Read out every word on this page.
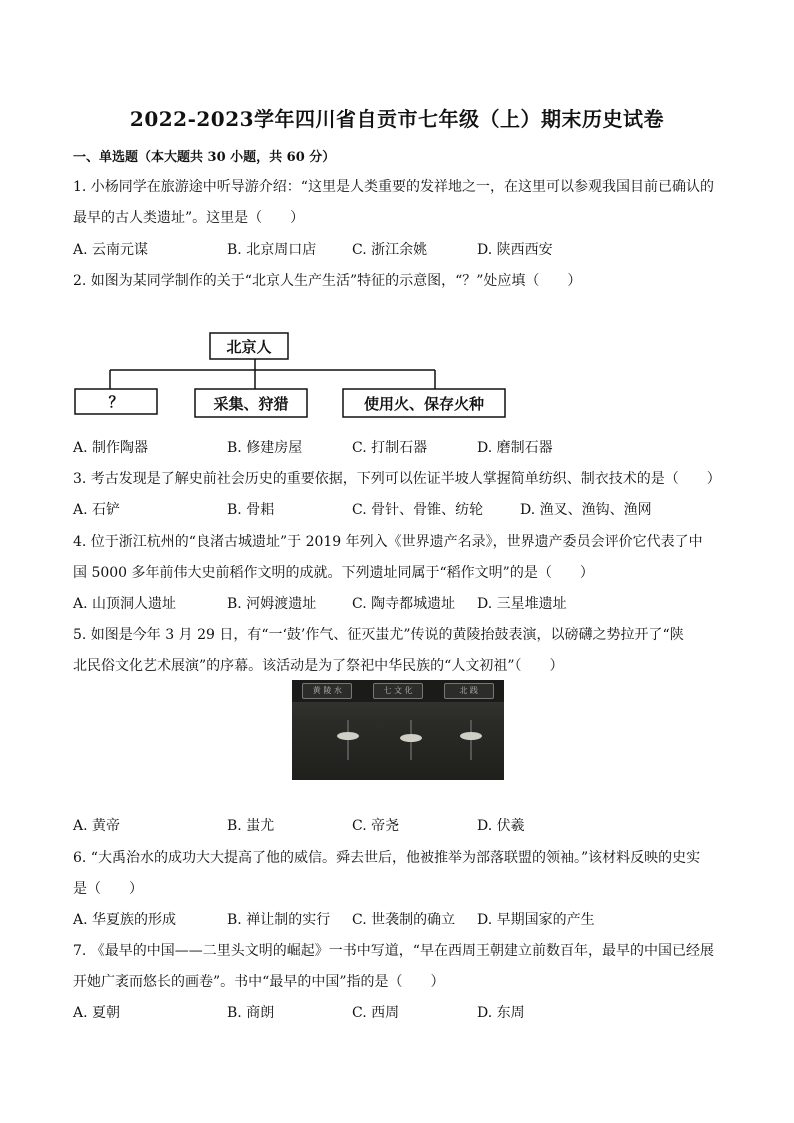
2022-2023学年四川省自贡市七年级（上）期末历史试卷
一、单选题（本大题共 30 小题，共 60 分）
1. 小杨同学在旅游途中听导游介绍：“这里是人类重要的发祥地之一，在这里可以参观我国目前已确认的
最早的古人类遗址”。这里是（　　）
A. 云南元谋	B. 北京周口店	C. 浙江余姚	D. 陕西西安
2. 如图为某同学制作的关于“北京人生产生活”特征的示意图，“？”处应填（　　）
北京人
？	采集、狩猎	使用火、保存火种
A. 制作陶器	B. 修建房屋	C. 打制石器	D. 磨制石器
3. 考古发现是了解史前社会历史的重要依据，下列可以佐证半坡人掌握简单纺织、制衣技术的是（　　）
A. 石铲	B. 骨耜	C. 骨针、骨锥、纺轮	D. 渔叉、渔钩、渔网
4. 位于浙江杭州的“良渚古城遗址”于 2019 年列入《世界遗产名录》，世界遗产委员会评价它代表了中
国 5000 多年前伟大史前稻作文明的成就。下列遗址同属于“稻作文明”的是（　　）
A. 山顶洞人遗址	B. 河姆渡遗址	C. 陶寺都城遗址 D. 三星堆遗址
5. 如图是今年 3 月 29 日，有“一‘鼓’作气、征灭蚩尤”传说的黄陵抬鼓表演，以磅礴之势拉开了“陕
北民俗文化艺术展演”的序幕。该活动是为了祭祀中华民族的“人文初祖”（　　）
黄 陵 水	七 文 化	北 践
A. 黄帝	B. 蚩尤	C. 帝尧	D. 伏羲
6. “大禹治水的成功大大提高了他的威信。舜去世后，他被推举为部落联盟的领袖。”该材料反映的史实
是（　　）
A. 华夏族的形成	B. 禅让制的实行 C. 世袭制的确立 D. 早期国家的产生
7. 《最早的中国——二里头文明的崛起》一书中写道，“早在西周王朝建立前数百年，最早的中国已经展
开她广袤而悠长的画卷”。书中“最早的中国”指的是（　　）
A. 夏朝	B. 商朗	C. 西周	D. 东周
